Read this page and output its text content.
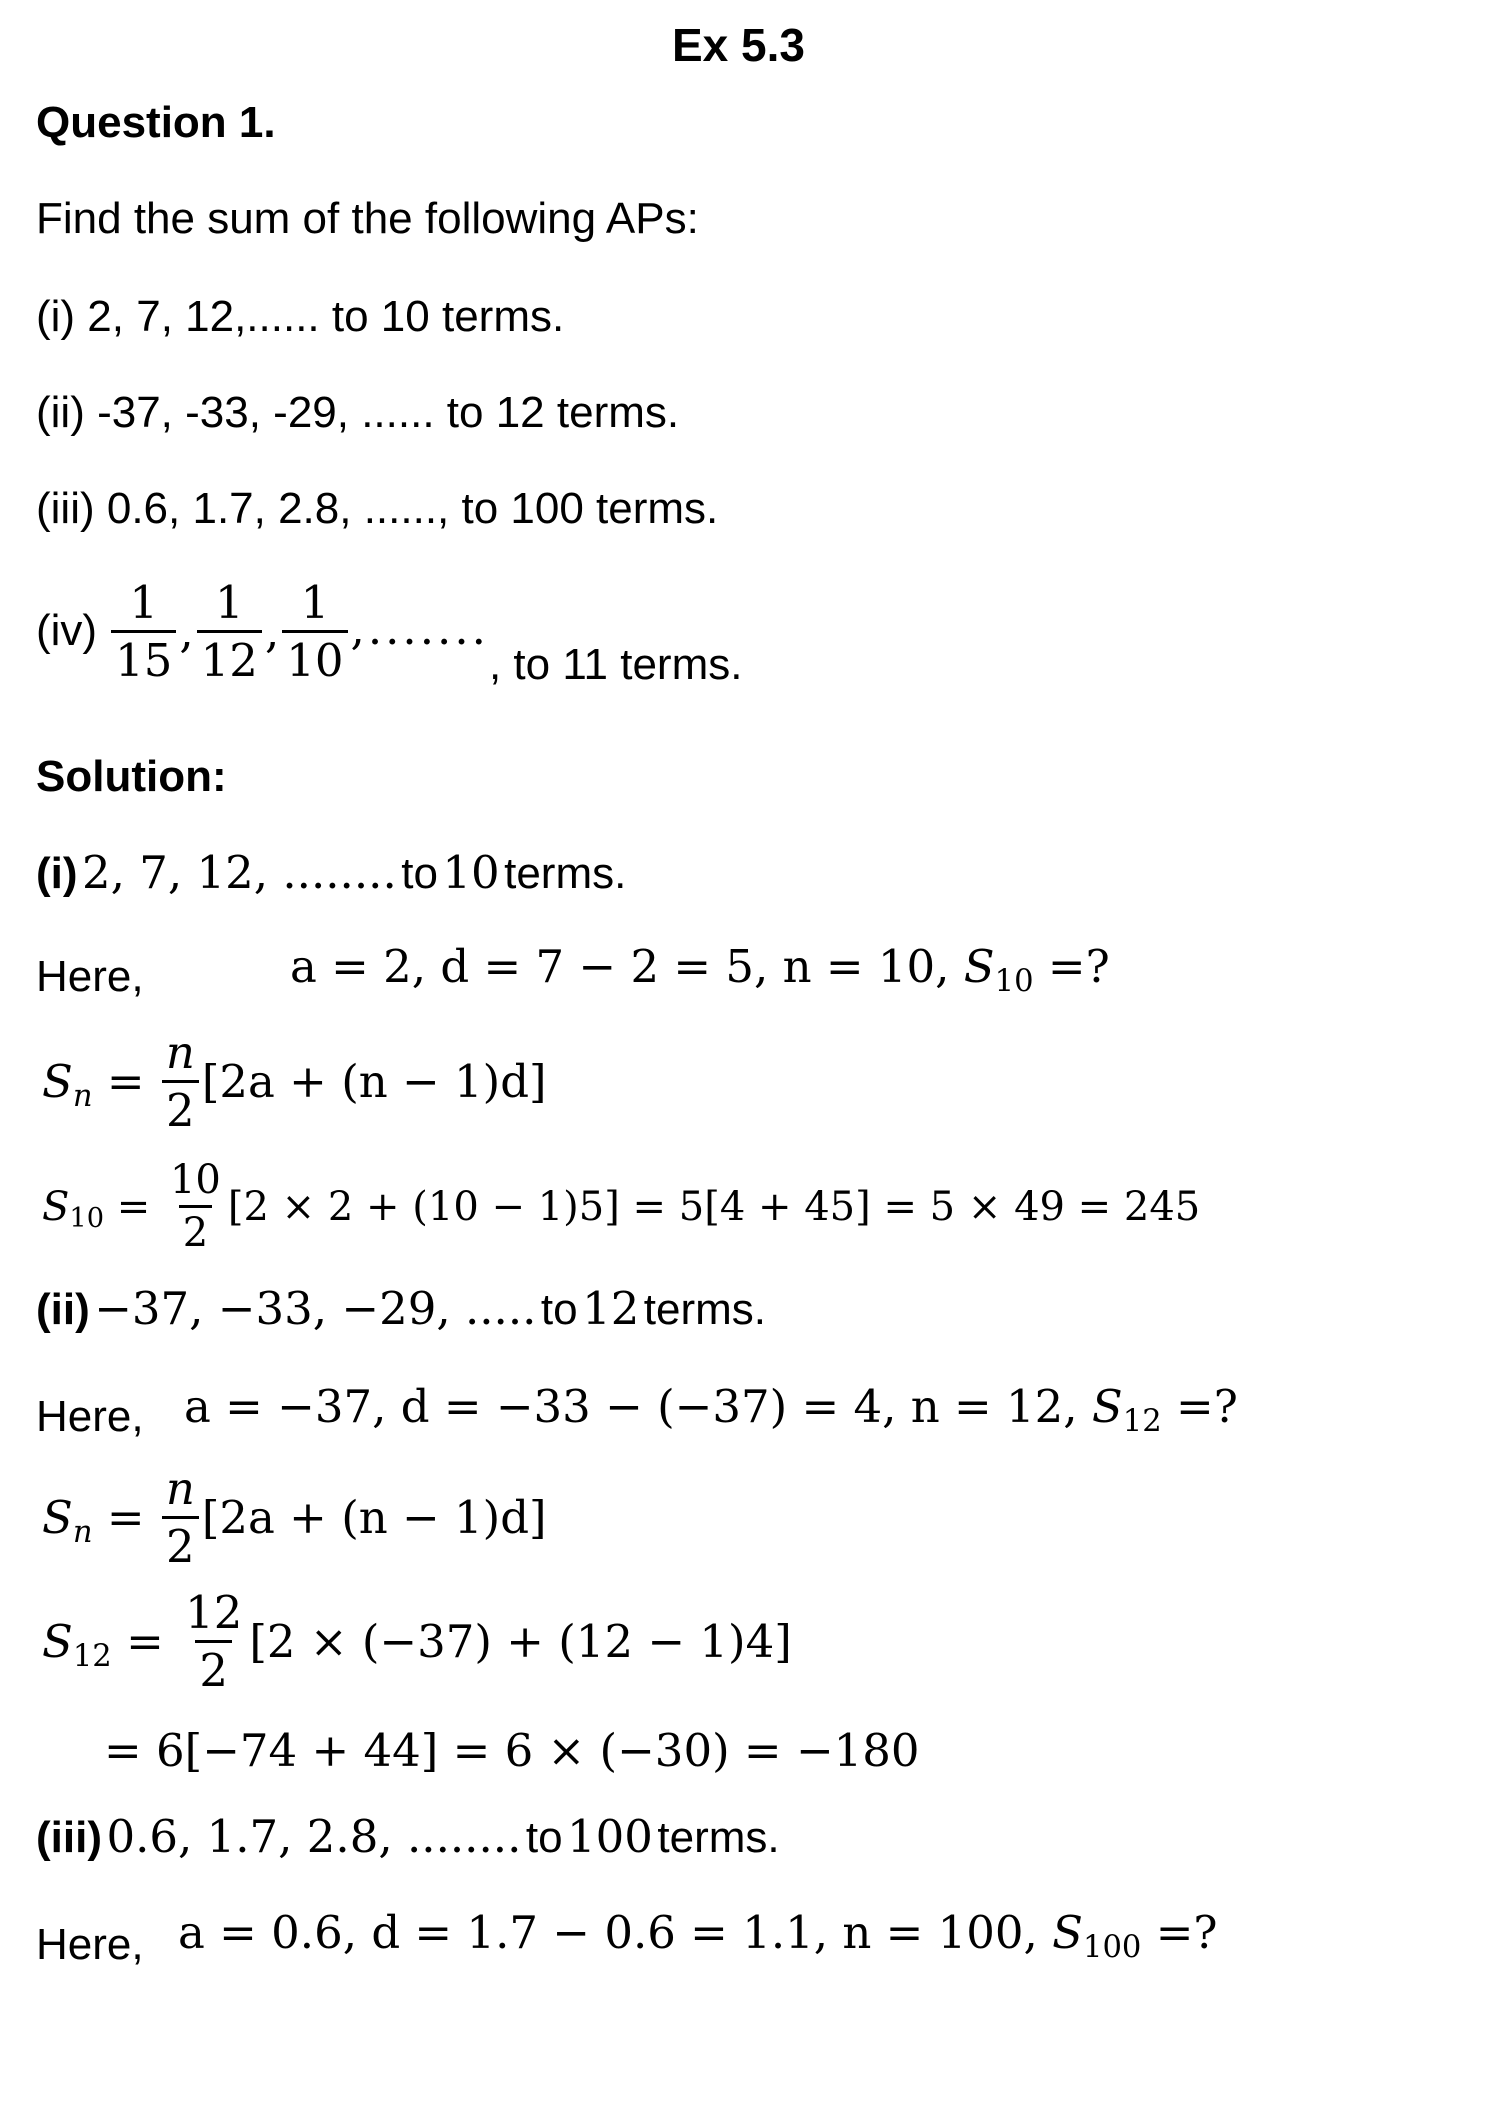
Ex 5.3
Question 1.
Find the sum of the following APs:
(i) 2, 7, 12,...... to 10 terms.
(ii) -37, -33, -29, ...... to 12 terms.
(iii) 0.6, 1.7, 2.8, ......, to 100 terms.
$(iv) \frac{1}{15}$ , $\frac{1}{12}$ , $\frac{1}{10}$ ,.......
, to 11 terms.
Solution:
(i) 2, 7, 12, ........ to 10 terms.
Here,	a = 2, d = 7 − 2 = 5, n = 10, S10 =?
$Sn = \frac{n}{2} [2a + (n - 1)d]$
$S10 = \frac{10}{2} [2 \times 2 + (10 - 1)5] = 5[4 + 45] = 5 \times 49 = 245$
(ii) −37, −33, −29, ..... to 12 terms.
Here, a = −37, d = −33 − (−37) = 4, n = 12, S12 =?
$Sn = \frac{n}{2} [2a + (n - 1)d]$
$S12 = \frac{12}{2} [2 \times (-37) + (12 - 1)4]$
= 6[−74 + 44] = 6 × (−30) = −180
(iii) 0.6, 1.7, 2.8, ........ to 100 terms.
Here, a = 0.6, d = 1.7 − 0.6 = 1.1, n = 100, S100 =?
